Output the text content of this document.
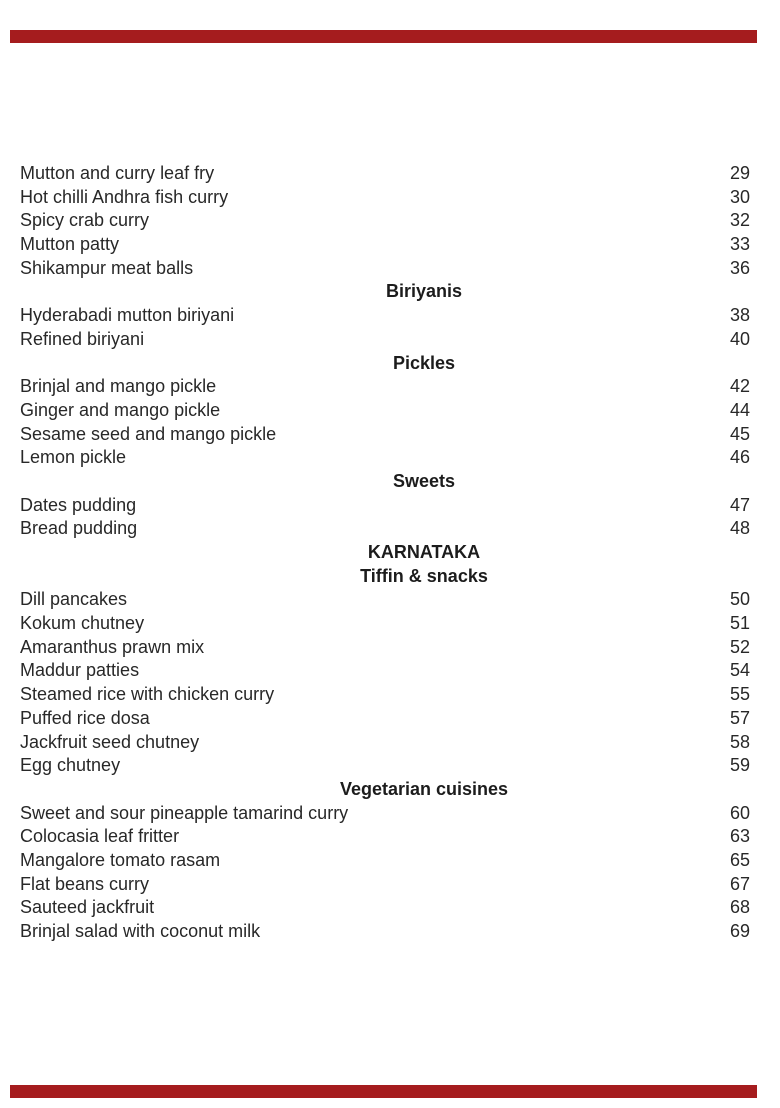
Mutton and curry leaf fry	29
Hot chilli Andhra fish curry	30
Spicy crab curry	32
Mutton patty	33
Shikampur meat balls	36
Biriyanis
Hyderabadi mutton biriyani	38
Refined biriyani	40
Pickles
Brinjal and mango pickle	42
Ginger and mango pickle	44
Sesame seed and mango pickle	45
Lemon pickle	46
Sweets
Dates pudding	47
Bread pudding	48
KARNATAKA
Tiffin & snacks
Dill pancakes	50
Kokum chutney	51
Amaranthus prawn mix	52
Maddur patties	54
Steamed rice with chicken curry	55
Puffed rice dosa	57
Jackfruit seed chutney	58
Egg chutney	59
Vegetarian cuisines
Sweet and sour pineapple tamarind curry	60
Colocasia leaf fritter	63
Mangalore tomato rasam	65
Flat beans curry	67
Sauteed jackfruit	68
Brinjal salad with coconut milk	69
